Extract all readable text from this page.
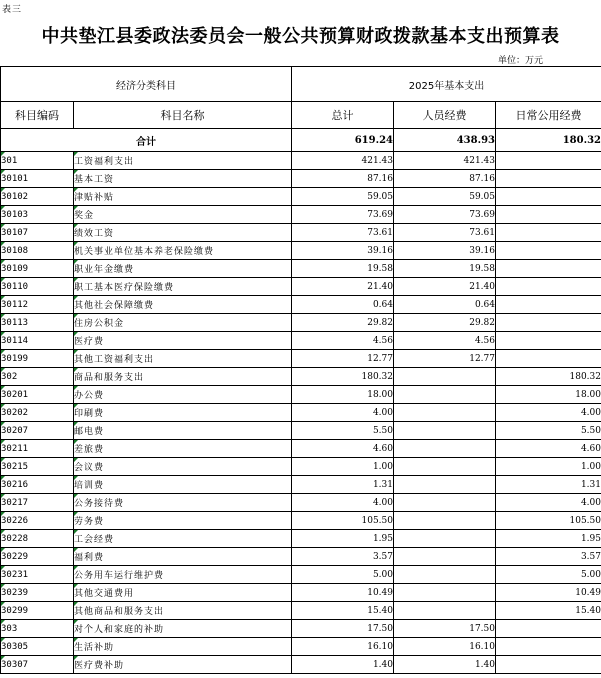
表三
中共垫江县委政法委员会一般公共预算财政拨款基本支出预算表
单位：万元
经济分类科目		2025年基本支出		
科目编码	科目名称	总计	人员经费	日常公用经费
合计		619.24	438.93	180.32

301	工资福利支出	421.43	421.43	

30101	基本工资	87.16	87.16	

30102	津贴补贴	59.05	59.05	

30103	奖金	73.69	73.69	

30107	绩效工资	73.61	73.61	

30108	机关事业单位基本养老保险缴费	39.16	39.16	

30109	职业年金缴费	19.58	19.58	

30110	职工基本医疗保险缴费	21.40	21.40	

30112	其他社会保障缴费	0.64	0.64	

30113	住房公积金	29.82	29.82	

30114	医疗费	4.56	4.56	

30199	其他工资福利支出	12.77	12.77	

302	商品和服务支出	180.32		180.32

30201	办公费	18.00		18.00

30202	印刷费	4.00		4.00

30207	邮电费	5.50		5.50

30211	差旅费	4.60		4.60

30215	会议费	1.00		1.00

30216	培训费	1.31		1.31

30217	公务接待费	4.00		4.00

30226	劳务费	105.50		105.50

30228	工会经费	1.95		1.95

30229	福利费	3.57		3.57

30231	公务用车运行维护费	5.00		5.00

30239	其他交通费用	10.49		10.49

30299	其他商品和服务支出	15.40		15.40

303	对个人和家庭的补助	17.50	17.50	

30305	生活补助	16.10	16.10	

30307	医疗费补助	1.40	1.40	
